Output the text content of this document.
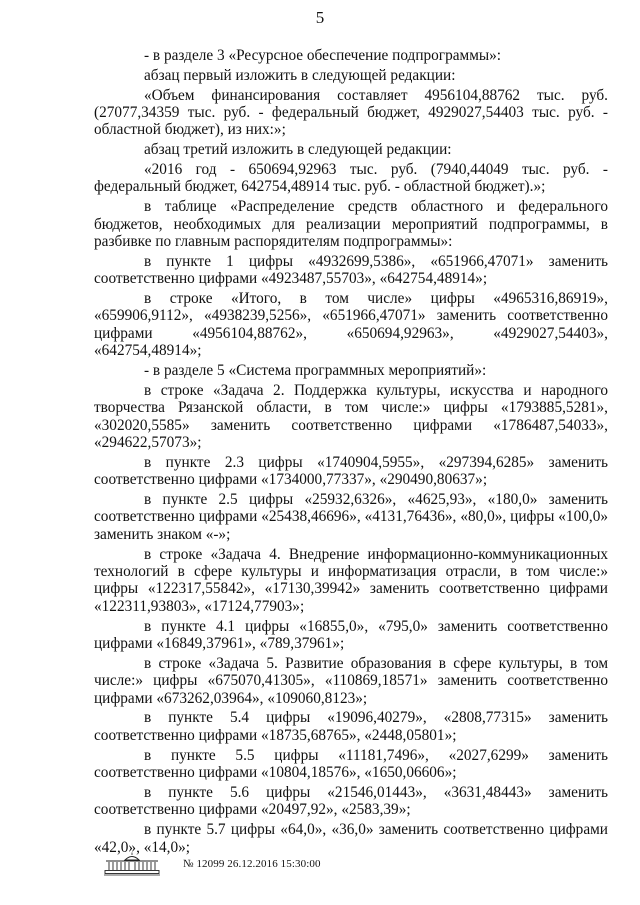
5

- в разделе 3 «Ресурсное обеспечение подпрограммы»:

абзац первый изложить в следующей редакции:

«Объем финансирования составляет 4956104,88762 тыс. руб. (27077,34359 тыс. руб. - федеральный бюджет, 4929027,54403 тыс. руб. - областной бюджет), из них:»;

абзац третий изложить в следующей редакции:

«2016 год - 650694,92963 тыс. руб. (7940,44049 тыс. руб. - федеральный бюджет, 642754,48914 тыс. руб. - областной бюджет).»;

в таблице «Распределение средств областного и федерального бюджетов, необходимых для реализации мероприятий подпрограммы, в разбивке по главным распорядителям подпрограммы»:

в пункте 1 цифры «4932699,5386», «651966,47071» заменить соответственно цифрами «4923487,55703», «642754,48914»;

в строке «Итого, в том числе» цифры «4965316,86919», «659906,9112», «4938239,5256», «651966,47071» заменить соответственно цифрами «4956104,88762», «650694,92963», «4929027,54403», «642754,48914»;

- в разделе 5 «Система программных мероприятий»:

в строке «Задача 2. Поддержка культуры, искусства и народного творчества Рязанской области, в том числе:» цифры «1793885,5281», «302020,5585» заменить соответственно цифрами «1786487,54033», «294622,57073»;

в пункте 2.3 цифры «1740904,5955», «297394,6285» заменить соответственно цифрами «1734000,77337», «290490,80637»;

в пункте 2.5 цифры «25932,6326», «4625,93», «180,0» заменить соответственно цифрами «25438,46696», «4131,76436», «80,0», цифры «100,0» заменить знаком «-»;

в строке «Задача 4. Внедрение информационно-коммуникационных технологий в сфере культуры и информатизация отрасли, в том числе:» цифры «122317,55842», «17130,39942» заменить соответственно цифрами «122311,93803», «17124,77903»;

в пункте 4.1 цифры «16855,0», «795,0» заменить соответственно цифрами «16849,37961», «789,37961»;

в строке «Задача 5. Развитие образования в сфере культуры, в том числе:» цифры «675070,41305», «110869,18571» заменить соответственно цифрами «673262,03964», «109060,8123»;

в пункте 5.4 цифры «19096,40279», «2808,77315» заменить соответственно цифрами «18735,68765», «2448,05801»;

в пункте 5.5 цифры «11181,7496», «2027,6299» заменить соответственно цифрами «10804,18576», «1650,06606»;

в пункте 5.6 цифры «21546,01443», «3631,48443» заменить соответственно цифрами «20497,92», «2583,39»;

в пункте 5.7 цифры «64,0», «36,0» заменить соответственно цифрами «42,0», «14,0»;

№ 12099 26.12.2016 15:30:00
